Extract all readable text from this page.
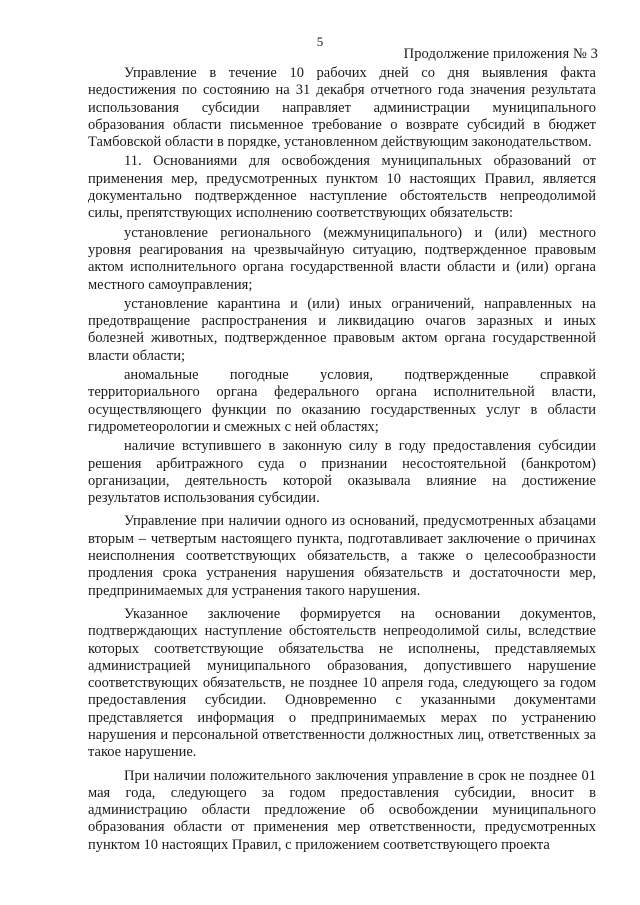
5
Продолжение приложения № 3

Управление в течение 10 рабочих дней со дня выявления факта недостижения по состоянию на 31 декабря отчетного года значения результата использования субсидии направляет администрации муниципального образования области письменное требование о возврате субсидий в бюджет Тамбовской области в порядке, установленном действующим законодательством.

11. Основаниями для освобождения муниципальных образований от применения мер, предусмотренных пунктом 10 настоящих Правил, является документально подтвержденное наступление обстоятельств непреодолимой силы, препятствующих исполнению соответствующих обязательств:

установление регионального (межмуниципального) и (или) местного уровня реагирования на чрезвычайную ситуацию, подтвержденное правовым актом исполнительного органа государственной власти области и (или) органа местного самоуправления;

установление карантина и (или) иных ограничений, направленных на предотвращение распространения и ликвидацию очагов заразных и иных болезней животных, подтвержденное правовым актом органа государственной власти области;

аномальные погодные условия, подтвержденные справкой территориального органа федерального органа исполнительной власти, осуществляющего функции по оказанию государственных услуг в области гидрометеорологии и смежных с ней областях;

наличие вступившего в законную силу в году предоставления субсидии решения арбитражного суда о признании несостоятельной (банкротом) организации, деятельность которой оказывала влияние на достижение результатов использования субсидии.

Управление при наличии одного из оснований, предусмотренных абзацами вторым – четвертым настоящего пункта, подготавливает заключение о причинах неисполнения соответствующих обязательств, а также о целесообразности продления срока устранения нарушения обязательств и достаточности мер, предпринимаемых для устранения такого нарушения.

Указанное заключение формируется на основании документов, подтверждающих наступление обстоятельств непреодолимой силы, вследствие которых соответствующие обязательства не исполнены, представляемых администрацией муниципального образования, допустившего нарушение соответствующих обязательств, не позднее 10 апреля года, следующего за годом предоставления субсидии. Одновременно с указанными документами представляется информация о предпринимаемых мерах по устранению нарушения и персональной ответственности должностных лиц, ответственных за такое нарушение.

При наличии положительного заключения управление в срок не позднее 01 мая года, следующего за годом предоставления субсидии, вносит в администрацию области предложение об освобождении муниципального образования области от применения мер ответственности, предусмотренных пунктом 10 настоящих Правил, с приложением соответствующего проекта
